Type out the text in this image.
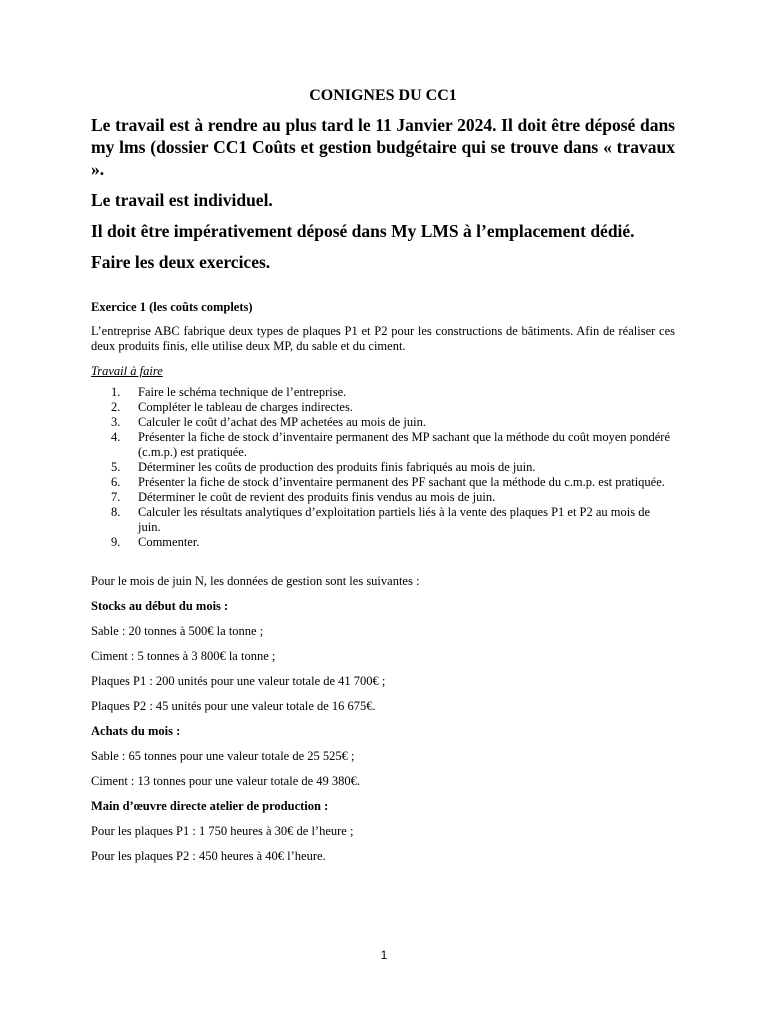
CONIGNES DU CC1

Le travail est à rendre au plus tard le 11 Janvier 2024. Il doit être déposé dans my lms (dossier CC1 Coûts et gestion budgétaire qui se trouve dans « travaux ».

Le travail est individuel.

Il doit être impérativement déposé dans My LMS à l’emplacement dédié.

Faire les deux exercices.

Exercice 1 (les coûts complets)

L’entreprise ABC fabrique deux types de plaques P1 et P2 pour les constructions de bâtiments. Afin de réaliser ces deux produits finis, elle utilise deux MP, du sable et du ciment.

Travail à faire

1.	Faire le schéma technique de l’entreprise.
2.	Compléter le tableau de charges indirectes.
3.	Calculer le coût d’achat des MP achetées au mois de juin.
4.	Présenter la fiche de stock d’inventaire permanent des MP sachant que la méthode du coût moyen pondéré (c.m.p.) est pratiquée.
5.	Déterminer les coûts de production des produits finis fabriqués au mois de juin.
6.	Présenter la fiche de stock d’inventaire permanent des PF sachant que la méthode du c.m.p. est pratiquée.
7.	Déterminer le coût de revient des produits finis vendus au mois de juin.
8.	Calculer les résultats analytiques d’exploitation partiels liés à la vente des plaques P1 et P2 au mois de juin.
9.	Commenter.

Pour le mois de juin N, les données de gestion sont les suivantes :

Stocks au début du mois :

Sable : 20 tonnes à 500€ la tonne ;

Ciment : 5 tonnes à 3 800€ la tonne ;

Plaques P1 : 200 unités pour une valeur totale de 41 700€ ;

Plaques P2 : 45 unités pour une valeur totale de 16 675€.

Achats du mois :

Sable : 65 tonnes pour une valeur totale de 25 525€ ;

Ciment : 13 tonnes pour une valeur totale de 49 380€.

Main d’œuvre directe atelier de production :

Pour les plaques P1 : 1 750 heures à 30€ de l’heure ;

Pour les plaques P2 : 450 heures à 40€ l’heure.

1
